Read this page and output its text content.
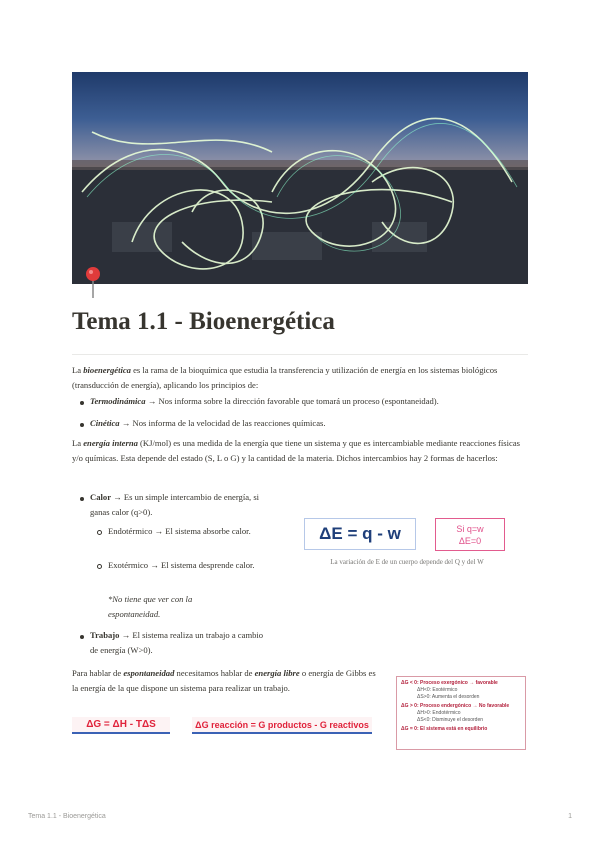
Tema 1.1 - Bioenergética
La bioenergética es la rama de la bioquímica que estudia la transferencia y utilización de energía en los sistemas biológicos (transducción de energía), aplicando los principios de:
Termodinámica → Nos informa sobre la dirección favorable que tomará un proceso (espontaneidad).
Cinética → Nos informa de la velocidad de las reacciones químicas.
La energía interna (KJ/mol) es una medida de la energía que tiene un sistema y que es intercambiable mediante reacciones físicas y/o químicas. Esta depende del estado (S, L o G) y la cantidad de la materia. Dichos intercambios hay 2 formas de hacerlos:
Calor → Es un simple intercambio de energía, si ganas calor (q>0).
Endotérmico → El sistema absorbe calor.
Exotérmico → El sistema desprende calor.
*No tiene que ver con la espontaneidad.
Trabajo → El sistema realiza un trabajo a cambio de energía (W>0).
ΔE = q - w	Si q=w
ΔE=0
La variación de E de un cuerpo depende del Q y del W
Para hablar de espontaneidad necesitamos hablar de energía libre o energía de Gibbs es la energía de la que dispone un sistema para realizar un trabajo.
ΔG = ΔH - TΔS	ΔG reacción = G productos - G reactivos
ΔG < 0: Proceso exergónico → favorable
ΔH<0: Exotérmico
ΔS>0: Aumenta el desorden
ΔG > 0: Proceso endergónico → No favorable
ΔH>0: Endotérmico
ΔS<0: Disminuye el desorden
ΔG = 0: El sistema está en equilibrio
Tema 1.1 - Bioenergética	1
